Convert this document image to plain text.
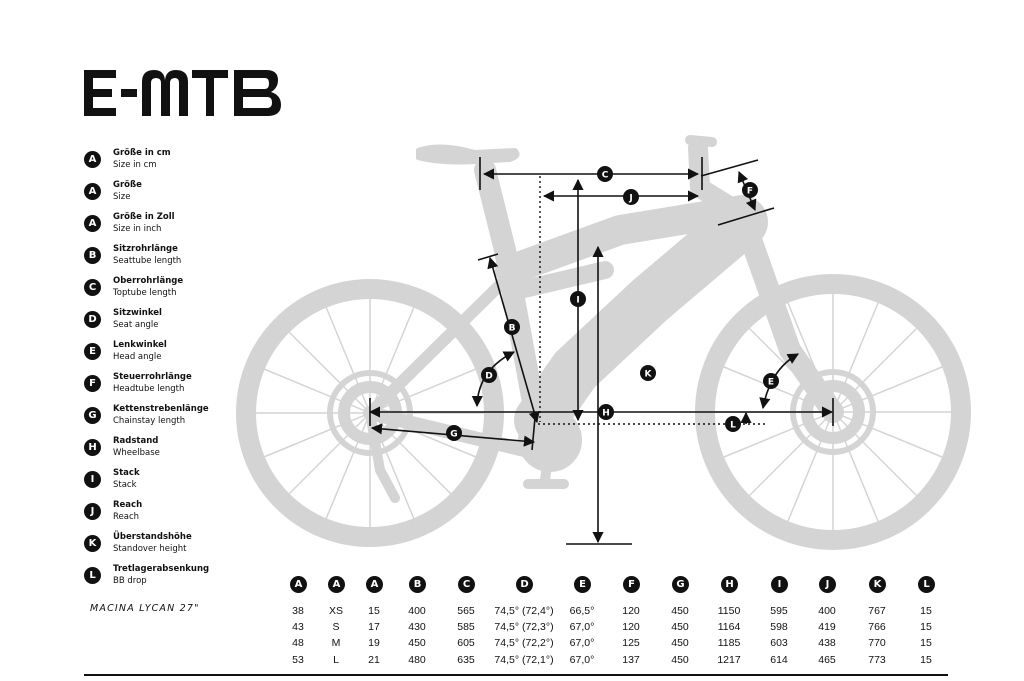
A
Größe in cm
Size in cm
A
Größe
Size
A
Größe in Zoll
Size in inch
B
Sitzrohrlänge
Seattube length
C
Oberrohrlänge
Toptube length
D
Sitzwinkel
Seat angle
E
Lenkwinkel
Head angle
F
Steuerrohrlänge
Headtube length
G
Kettenstrebenlänge
Chainstay length
H
Radstand
Wheelbase
I
Stack
Stack
J
Reach
Reach
K
Überstandshöhe
Standover height
L
Tretlagerabsenkung
BB drop
C
F
J
I
B
D	K
E
H
L
G
MACINA LYCAN 27"
A	A	A	B	C	D	E	F	G	H	I	J	K	L
38	XS	15	400	565	74,5° (72,4°)	66,5°	120	450	1150	595	400	767	15
43	S	17	430	585	74,5° (72,3°)	67,0°	120	450	1164	598	419	766	15
48	M	19	450	605	74,5° (72,2°)	67,0°	125	450	1185	603	438	770	15
53	L	21	480	635	74,5° (72,1°)	67,0°	137	450	1217	614	465	773	15
